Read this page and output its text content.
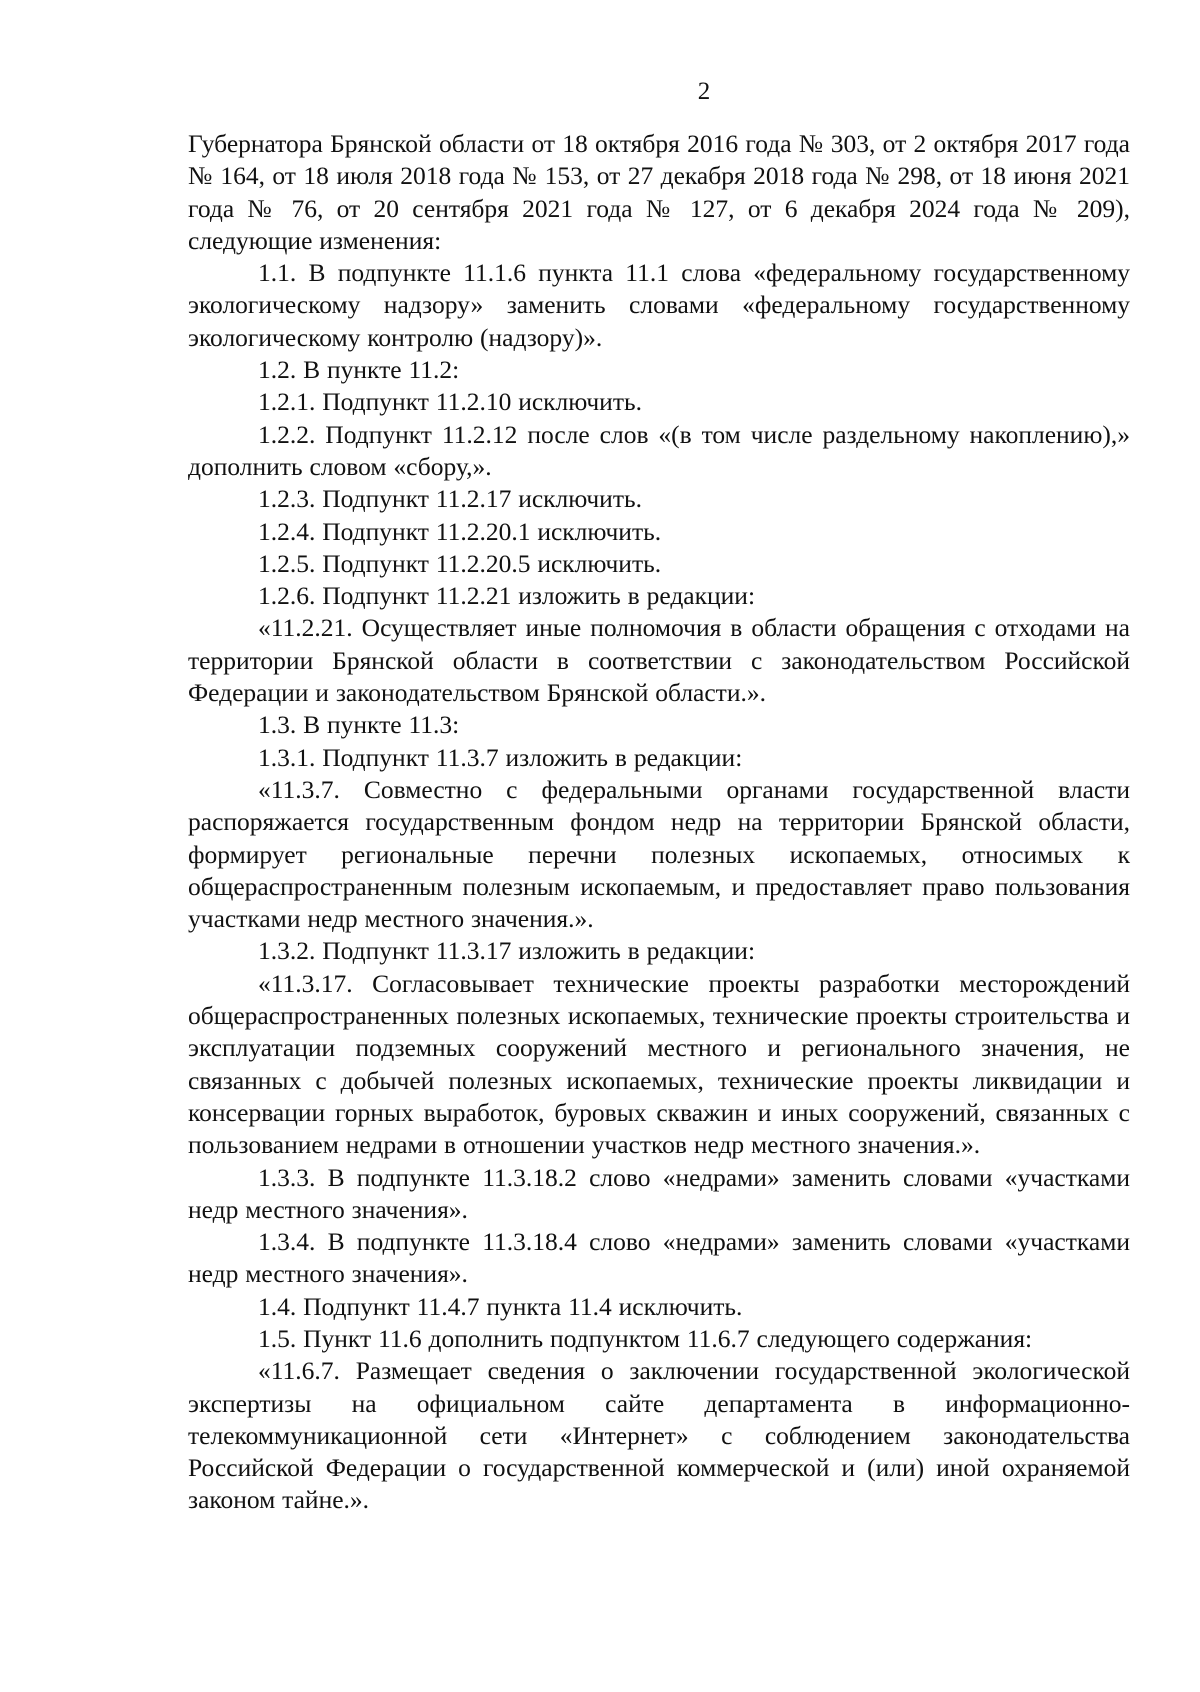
2

Губернатора Брянской области от 18 октября 2016 года № 303, от 2 октября 2017 года № 164, от 18 июля 2018 года № 153, от 27 декабря 2018 года № 298, от 18 июня 2021 года № 76, от 20 сентября 2021 года № 127, от 6 декабря 2024 года № 209), следующие изменения:

1.1. В подпункте 11.1.6 пункта 11.1 слова «федеральному государственному экологическому надзору» заменить словами «федеральному государственному экологическому контролю (надзору)».

1.2. В пункте 11.2:

1.2.1. Подпункт 11.2.10 исключить.

1.2.2. Подпункт 11.2.12 после слов «(в том числе раздельному накоплению),» дополнить словом «сбору,».

1.2.3. Подпункт 11.2.17 исключить.

1.2.4. Подпункт 11.2.20.1 исключить.

1.2.5. Подпункт 11.2.20.5 исключить.

1.2.6. Подпункт 11.2.21 изложить в редакции:

«11.2.21. Осуществляет иные полномочия в области обращения с отходами на территории Брянской области в соответствии с законодательством Российской Федерации и законодательством Брянской области.».

1.3. В пункте 11.3:

1.3.1. Подпункт 11.3.7 изложить в редакции:

«11.3.7. Совместно с федеральными органами государственной власти распоряжается государственным фондом недр на территории Брянской области, формирует региональные перечни полезных ископаемых, относимых к общераспространенным полезным ископаемым, и предоставляет право пользования участками недр местного значения.».

1.3.2. Подпункт 11.3.17 изложить в редакции:

«11.3.17. Согласовывает технические проекты разработки месторождений общераспространенных полезных ископаемых, технические проекты строительства и эксплуатации подземных сооружений местного и регионального значения, не связанных с добычей полезных ископаемых, технические проекты ликвидации и консервации горных выработок, буровых скважин и иных сооружений, связанных с пользованием недрами в отношении участков недр местного значения.».

1.3.3. В подпункте 11.3.18.2 слово «недрами» заменить словами «участками недр местного значения».

1.3.4. В подпункте 11.3.18.4 слово «недрами» заменить словами «участками недр местного значения».

1.4. Подпункт 11.4.7 пункта 11.4 исключить.

1.5. Пункт 11.6 дополнить подпунктом 11.6.7 следующего содержания:

«11.6.7. Размещает сведения о заключении государственной экологической экспертизы на официальном сайте департамента в информационно-телекоммуникационной сети «Интернет» с соблюдением законодательства Российской Федерации о государственной коммерческой и (или) иной охраняемой законом тайне.».
